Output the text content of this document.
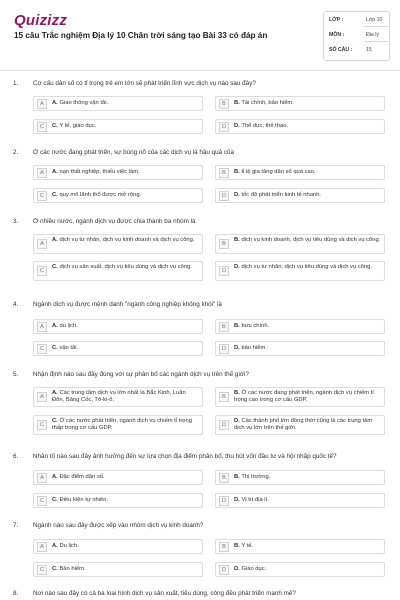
Quizizz
15 câu Trắc nghiệm Địa lý 10 Chân trời sáng tạo Bài 33 có đáp án
LỚP :	Lớp 10
MÔN :	Địa lý
SỐ CÂU :	15
1. Cơ cấu dân số có tỉ trọng trẻ em lớn sẽ phát triển lĩnh vực dịch vụ nào sau đây?
A	A. Giao thông vận tải.	B	B. Tài chính, bảo hiểm.
C	C. Y tế, giáo dục.	D	D. Thể dục, thể thao.
2. Ở các nước đang phát triển, sự bùng nổ của các dịch vụ là hậu quả của
A	A. nạn thất nghiệp, thiếu việc làm.	B	B. tỉ lệ gia tăng dân số quá cao.
C	C. quy mô lãnh thổ được mở rộng.	D	D. tốc độ phát triển kinh tế nhanh.
3. Ở nhiều nước, ngành dịch vụ được chia thành ba nhóm là
A
A. dịch vụ tư nhân, dịch vụ kinh doanh và dịch vụ công.
B
B. dịch vụ kinh doanh, dịch vụ tiêu dùng và dịch vụ công.
C
C. dịch vụ sản xuất, dịch vụ tiêu dùng và dịch vụ công.
D
D. dịch vụ tư nhân, dịch vụ tiêu dùng và dịch vụ công.
4. Ngành dịch vụ được mệnh danh "ngành công nghiệp không khói" là
A	A. du lịch.	B	B. bưu chính.
C	C. vận tải.	D	D. bảo hiểm.
5. Nhận định nào sau đây đúng với sự phân bố các ngành dịch vụ trên thế giới?
A
A. Các trung tâm dịch vụ lớn nhất là Bắc Kinh, Luân Đôn, Băng Cốc, Tô-ki-ô.	B
B. Ở các nước đang phát triển, ngành dịch vụ chiếm tỉ trọng cao trong cơ cấu GDP.
C
C. Ở các nước phát triển, ngành dịch vụ chiếm tỉ trọng thấp trong cơ cấu GDP.	D
D. Các thành phố lớn đồng thời cũng là các trung tâm dịch vụ lớn trên thế giới.
6. Nhân tố nào sau đây ảnh hưởng đến sự lựa chọn địa điểm phân bố, thu hút vốn đầu tư và hội nhập quốc tế?
A	A. Đặc điểm dân số.	B	B. Thị trường.
C	C. Điều kiện tự nhiên.	D	D. Vị trí địa lí.
7. Ngành nào sau đây được xếp vào nhóm dịch vụ kinh doanh?
A	A. Du lịch.	B	B. Y tế.
C	C. Bảo hiểm.	D	D. Giáo dục.
8. Nơi nào sau đây có cả ba loại hình dịch vụ sản xuất, tiêu dùng, công đều phát triển mạnh mẽ?
